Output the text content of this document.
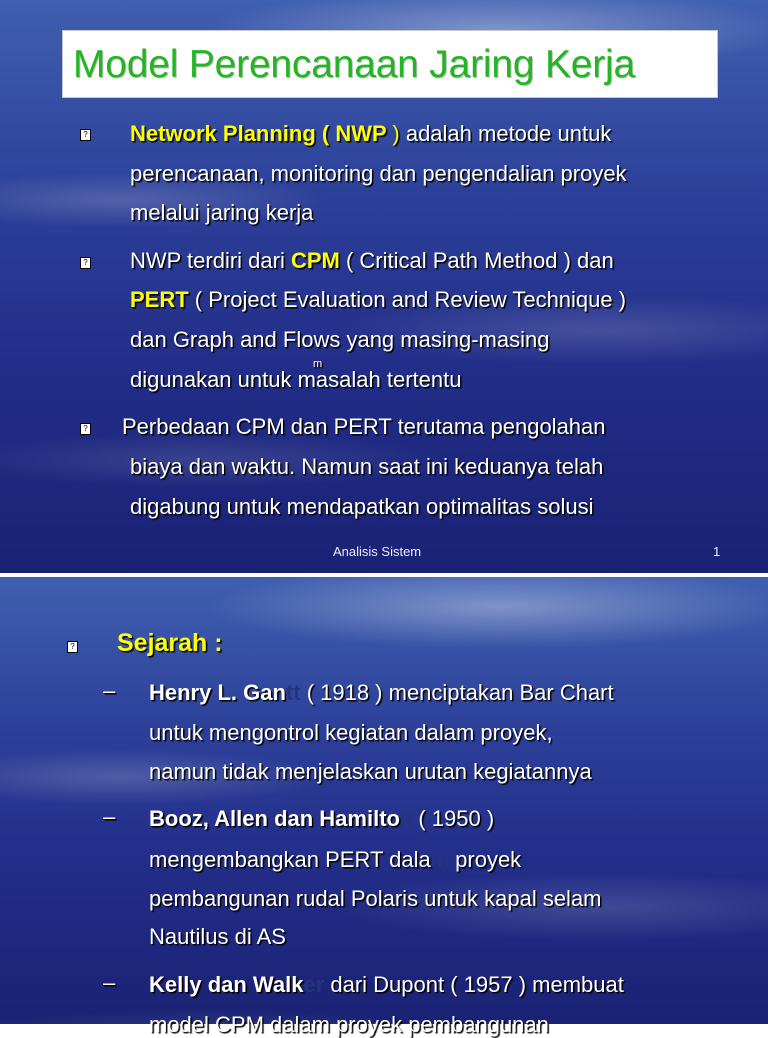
Model Perencanaan Jaring Kerja
? Network Planning ( NWP ) adalah metode untuk
perencanaan, monitoring dan pengendalian proyek
melalui jaring kerja
? NWP terdiri dari CPM ( Critical Path Method ) dan
PERT ( Project Evaluation and Review Technique )
dan Graph and Flows yang masing-masing
m
digunakan untuk masalah tertentu
? Perbedaan CPM dan PERT terutama pengolahan
biaya dan waktu. Namun saat ini keduanya telah
digabung untuk mendapatkan optimalitas solusi
Analisis Sistem	1
? Sejarah :
– Henry L. Gantt ( 1918 ) menciptakan Bar Chart
untuk mengontrol kegiatan dalam proyek,
namun tidak menjelaskan urutan kegiatannya
– Booz, Allen dan Hamilton ( 1950 )
mengembangkan PERT dalam proyek
pembangunan rudal Polaris untuk kapal selam
Nautilus di AS
– Kelly dan Walker dari Dupont ( 1957 ) membuat
model CPM dalam proyek pembangunan
